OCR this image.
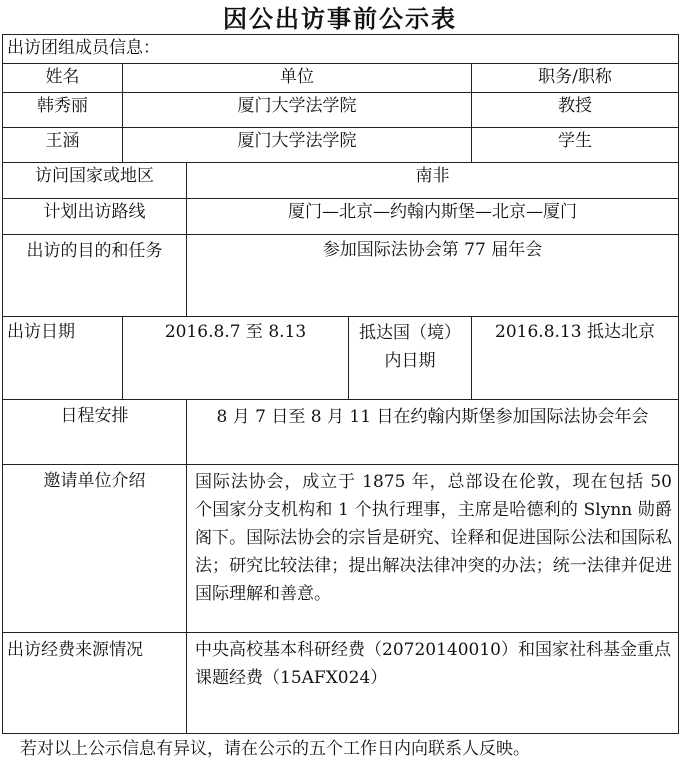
因公出访事前公示表
出访团组成员信息：				
姓名	单位			职务/职称
韩秀丽	厦门大学法学院			教授
王涵	厦门大学法学院			学生
访问国家或地区		南非		
计划出访路线		厦门—北京—约翰内斯堡—北京—厦门		
出访的目的和任务		参加国际法协会第 77 届年会		
出访日期	2016.8.7 至 8.13		抵达国（境）内日期	2016.8.13 抵达北京
日程安排		8 月 7 日至 8 月 11 日在约翰内斯堡参加国际法协会年会		
邀请单位介绍		国际法协会，成立于 1875 年，总部设在伦敦，现在包括 50 个国家分支机构和 1 个执行理事，主席是哈德利的 Slynn 勋爵阁下。国际法协会的宗旨是研究、诠释和促进国际公法和国际私法；研究比较法律；提出解决法律冲突的办法；统一法律并促进国际理解和善意。		
出访经费来源情况		中央高校基本科研经费（20720140010）和国家社科基金重点课题经费（15AFX024）		
若对以上公示信息有异议，请在公示的五个工作日内向联系人反映。
